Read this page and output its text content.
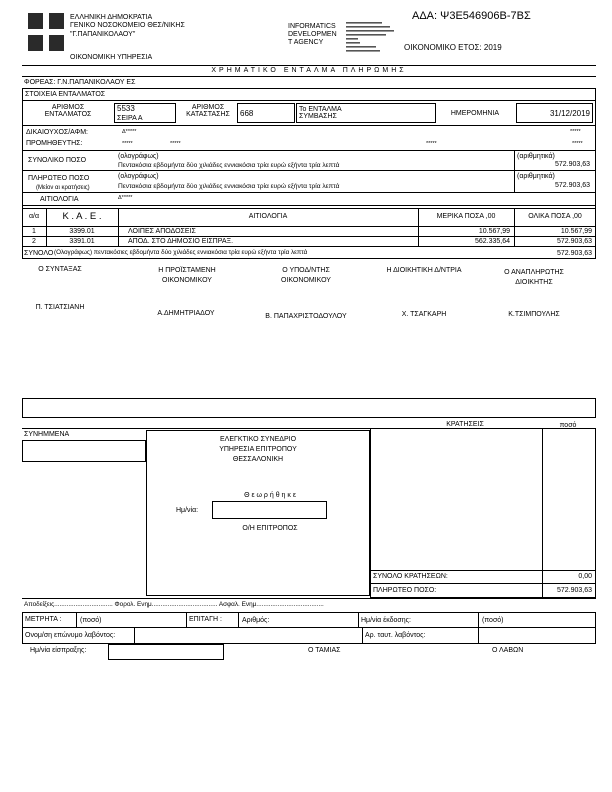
ΕΛΛΗΝΙΚΗ ΔΗΜΟΚΡΑΤΙΑ
ΓΕΝΙΚΟ ΝΟΣΟΚΟΜΕΙΟ ΘΕΣ/ΝΙΚΗΣ
"Γ.ΠΑΠΑΝΙΚΟΛΑΟΥ"
ΟΙΚΟΝΟΜΙΚΗ ΥΠΗΡΕΣΙΑ
INFORMATICS
DEVELOPMEN
T AGENCY
ΑΔΑ: Ψ3Ε546906Β-7ΒΣ
ΟΙΚΟΝΟΜΙΚΟ ΕΤΟΣ: 2019
ΧΡΗΜΑΤΙΚΟ ΕΝΤΑΛΜΑ ΠΛΗΡΩΜΗΣ
ΦΟΡΕΑΣ: Γ.Ν.ΠΑΠΑΝΙΚΟΛΑΟΥ ΕΣ
ΣΤΟΙΧΕΙΑ ΕΝΤΑΛΜΑΤΟΣ
ΑΡΙΘΜΟΣ ΕΝΤΑΛΜΑΤΟΣ
5533
ΣΕΙΡΑ Α
ΑΡΙΘΜΟΣ ΚΑΤΑΣΤΑΣΗΣ	668	Το ΕΝΤΑΛΜΑ ΣΥΜΒΑΣΗΣ	ΗΜΕΡΟΜΗΝΙΑ	31/12/2019
ΔΙΚΑΙΟΥΧΟΣ/ΑΦΜ:	Δ*****	*****
ΠΡΟΜΗΘΕΥΤΗΣ:	*****	*****	*****	*****
ΣΥΝΟΛΙΚΟ ΠΟΣΟ
(ολογράφως)
Πεντακόσια εβδομήντα δύο χιλιάδες εννιακόσια τρία ευρώ εξήντα τρία λεπτά
(αριθμητικά)
572.903,63
ΠΛΗΡΩΤΕΟ ΠΟΣΟ
(Μείον αι κρατήσεις)
(ολογράφως)
Πεντακόσια εβδομήντα δύο χιλιάδες εννιακόσια τρία ευρώ εξήντα τρία λεπτά
(αριθμητικά)
572.903,63
ΑΙΤΙΟΛΟΓΙΑ	Δ*****
α/α	Κ . Α . Ε .	ΑΙΤΙΟΛΟΓΙΑ	ΜΕΡΙΚΑ ΠΟΣΑ ,00	ΟΛΙΚΑ ΠΟΣΑ ,00
1	3399.01	ΛΟΙΠΕΣ ΑΠΟΔΟΣΕΙΣ	10.567,99	10.567,99
2	3391.01	ΑΠΟΔ. ΣΤΟ ΔΗΜΟΣΙΟ ΕΙΣΠΡΑΞ.	562.335,64	572.903,63
ΣΥΝΟΛΟ (Ολογράφως) πεντακόσιες εβδομήντα δύο χιλιάδες εννιακόσια τρία ευρώ εξήντα τρία λεπτά	572.903,63
Ο ΣΥΝΤΑΞΑΣ	Η ΠΡΟΪΣΤΑΜΕΝΗ ΟΙΚΟΝΟΜΙΚΟΥ
Ο ΥΠΟΔ/ΝΤΗΣ ΟΙΚΟΝΟΜΙΚΟΥ
Η ΔΙΟΙΚΗΤΙΚΗ Δ/ΝΤΡΙΑ	Ο ΑΝΑΠΛΗΡΩΤΗΣ ΔΙΟΙΚΗΤΗΣ
Π. ΤΣΙΑΤΣΙΑΝΗ
Α.ΔΗΜΗΤΡΙΑΔΟΥ	Β. ΠΑΠΑΧΡΙΣΤΟΔΟΥΛΟΥ	Χ. ΤΣΑΓΚΑΡΗ	Κ.ΤΣΙΜΠΟΥΛΗΣ
ΣΥΝΗΜΜΕΝΑ
ΕΛΕΓΚΤΙΚΟ ΣΥΝΕΔΡΙΟ
ΥΠΗΡΕΣΙΑ ΕΠΙΤΡΟΠΟΥ
ΘΕΣΣΑΛΟΝΙΚΗ
Θ ε ω ρ ή θ η κ ε
Ημ/νία:
Ο/Η ΕΠΙΤΡΟΠΟΣ
ΚΡΑΤΗΣΕΙΣ	ποσό
ΣΥΝΟΛΟ ΚΡΑΤΗΣΕΩΝ:	0,00
ΠΛΗΡΩΤΕΟ ΠΟΣΟ:	572.903,63
Αποδείξεις................................. Φορολ. Ενημ..................................... Ασφαλ. Ενημ......................................
ΜΕΤΡΗΤΑ :	(ποσό)	ΕΠΙΤΑΓΗ :	Αριθμός:	Ημ/νία έκδοσης:	(ποσό)
Ονομ/ση επώνυμο λαβόντος:	Αρ. ταυτ. λαβόντος:
Ημ/νία είσπραξης:	Ο ΤΑΜΙΑΣ	Ο ΛΑΒΩΝ
